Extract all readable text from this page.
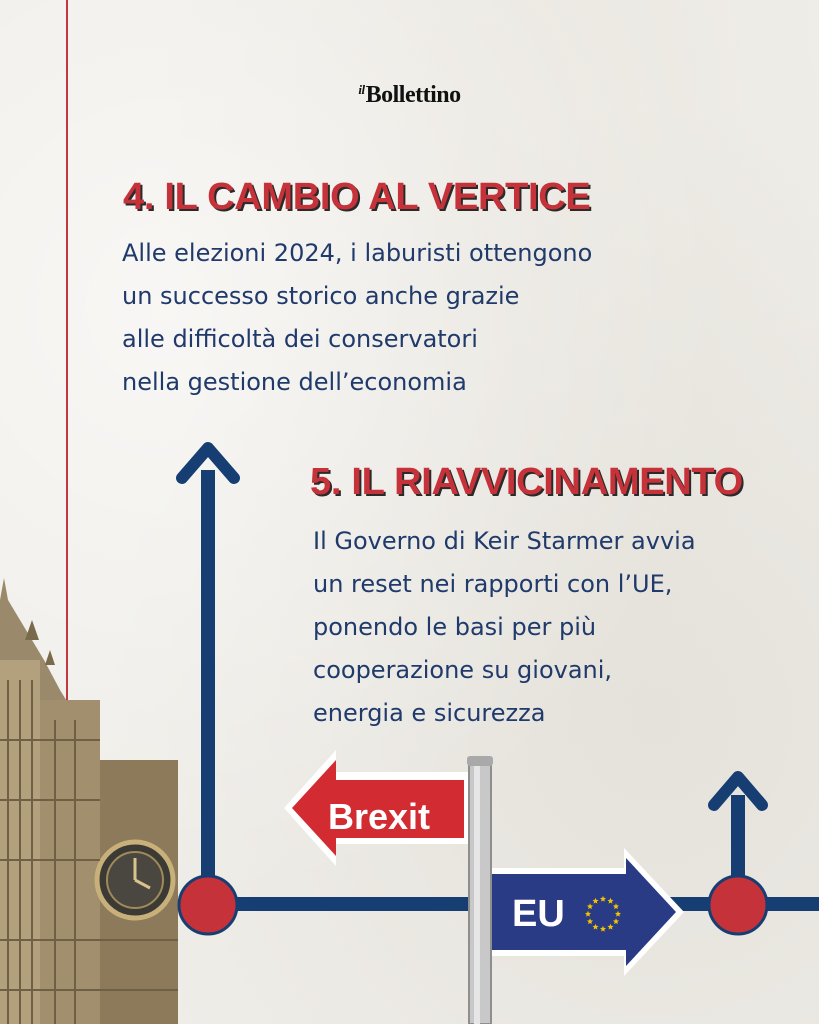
$^{il}$Bollettino
4. IL CAMBIO AL VERTICE
Alle elezioni 2024, i laburisti ottengono
un successo storico anche grazie
alle difficoltà dei conservatori
nella gestione dell’economia
5. IL RIAVVICINAMENTO
Il Governo di Keir Starmer avvia
un reset nei rapporti con l’UE,
ponendo le basi per più
cooperazione su giovani,
energia e sicurezza
Brexit
EU
